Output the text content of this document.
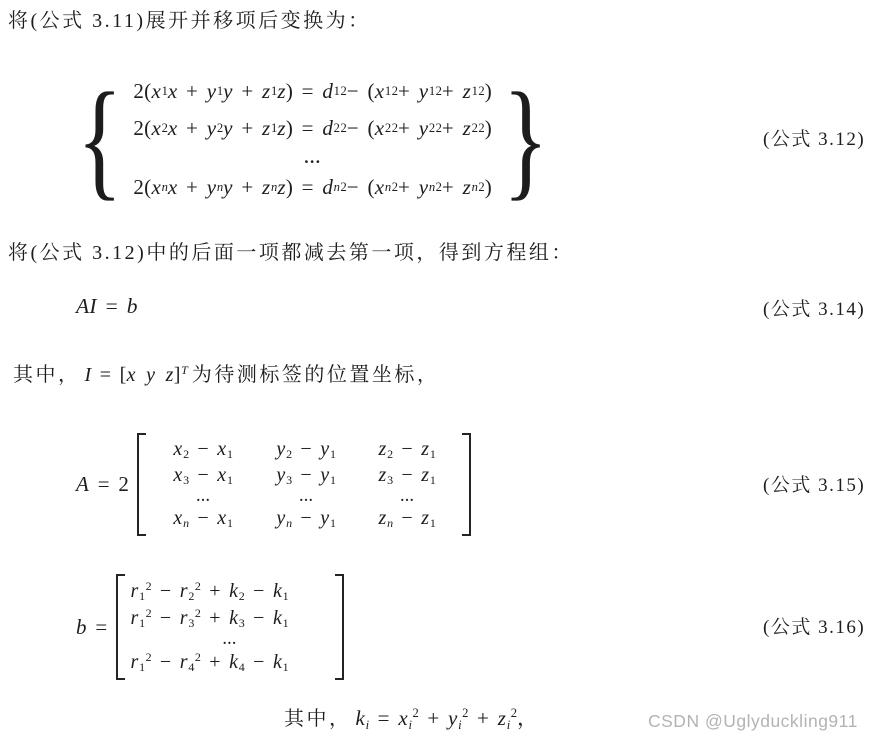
将(公式 3.11)展开并移项后变换为：

{ 2(x 1 x + y 1 y + z 1 z) = d 1 2 − (x 1 2 + y 1 2 + z 1 2 )
2(x 2 x + y 2 y + z 1 z) = d 2 2 − (x 2 2 + y 2 2 + z 2 2 )
…
2(x n x + y n y + z n z) = d n 2 − (x n 2 + y n 2 + z n 2 ) }	(公式 3.12)

将(公式 3.12)中的后面一项都减去第一项，得到方程组：

AI = b	(公式 3.14)

其中， I = [x  y  z]$^T$ 为待测标签的位置坐标，

A = 2
$x_2 - x_1$ $y_2 - y_1$ $z_2 - z_1$
$x_3 - x_1$ $y_3 - y_1$ $z_3 - z_1$
…	…	…
$x_n - x_1$ $y_n - y_1$ $z_n - z_1$
(公式 3.15)
b =
$r_1^2 - r_2^2 + k_2 - k_1$
$r_1^2 - r_3^2 + k_3 - k_1$
…
$r_1^2 - r_4^2 + k_4 - k_1$
(公式 3.16)

其中， $k_i = x_i^2 + y_i^2 + z_i^2$，	CSDN @Uglyduckling911
